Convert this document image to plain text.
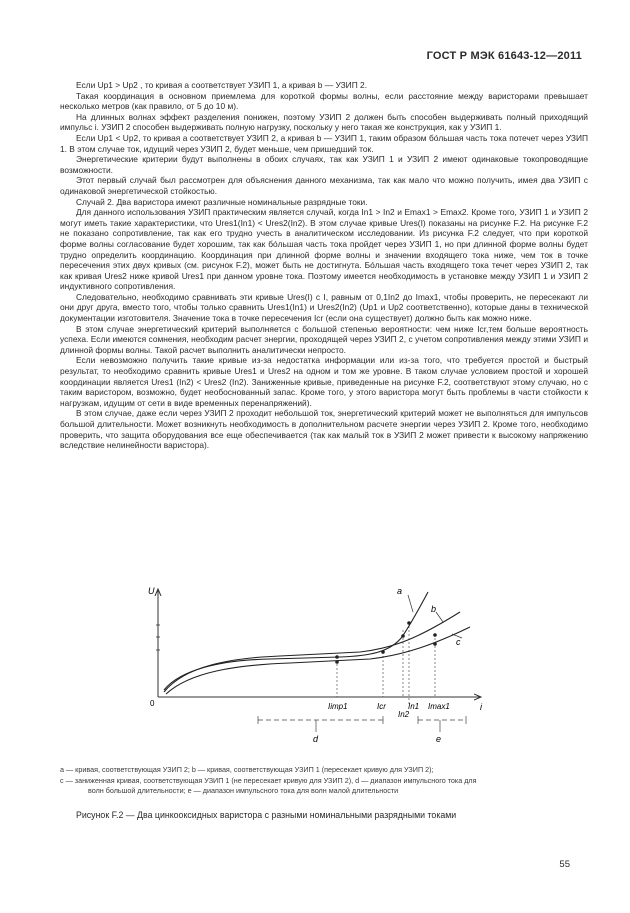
ГОСТ Р МЭК 61643-12—2011

Если Up1 > Up2 , то кривая а соответствует УЗИП 1, а кривая b — УЗИП 2.

Такая координация в основном приемлема для короткой формы волны, если расстояние между варисторами превышает несколько метров (как правило, от 5 до 10 м).

На длинных волнах эффект разделения понижен, поэтому УЗИП 2 должен быть способен выдерживать полный приходящий импульс i. УЗИП 2 способен выдерживать полную нагрузку, поскольку у него такая же конструкция, как у УЗИП 1.

Если Up1 < Up2, то кривая а соответствует УЗИП 2, а кривая b — УЗИП 1, таким образом бóльшая часть тока потечет через УЗИП 1. В этом случае ток, идущий через УЗИП 2, будет меньше, чем пришедший ток.

Энергетические критерии будут выполнены в обоих случаях, так как УЗИП 1 и УЗИП 2 имеют одинаковые токопроводящие возможности.

Этот первый случай был рассмотрен для объяснения данного механизма, так как мало что можно получить, имея два УЗИП с одинаковой энергетической стойкостью.

Случай 2. Два варистора имеют различные номинальные разрядные токи.

Для данного использования УЗИП практическим является случай, когда In1 > In2 и Emax1 > Emax2. Кроме того, УЗИП 1 и УЗИП 2 могут иметь такие характеристики, что Ures1(In1) < Ures2(In2). В этом случае кривые Ures(I) показаны на рисунке F.2. На рисунке F.2 не показано сопротивление, так как его трудно учесть в аналитическом исследовании. Из рисунка F.2 следует, что при короткой форме волны согласование будет хорошим, так как бóльшая часть тока пройдет через УЗИП 1, но при длинной форме волны будет трудно определить координацию. Координация при длинной форме волны и значении входящего тока ниже, чем ток в точке пересечения этих двух кривых (см. рисунок F.2), может быть не достигнута. Бóльшая часть входящего тока течет через УЗИП 2, так как кривая Ures2 ниже кривой Ures1 при данном уровне тока. Поэтому имеется необходимость в установке между УЗИП 1 и УЗИП 2 индуктивного сопротивления.

Следовательно, необходимо сравнивать эти кривые Ures(I) с I, равным от 0,1In2 до Imax1, чтобы проверить, не пересекают ли они друг друга, вместо того, чтобы только сравнить Ures1(In1) и Ures2(In2) (Up1 и Up2 соответственно), которые даны в технической документации изготовителя. Значение тока в точке пересечения Icr (если она существует) должно быть как можно ниже.

В этом случае энергетический критерий выполняется с большой степенью вероятности: чем ниже Icr,тем больше вероятность успеха. Если имеются сомнения, необходим расчет энергии, проходящей через УЗИП 2, с учетом сопротивления между этими УЗИП и длинной формы волны. Такой расчет выполнить аналитически непросто.

Если невозможно получить такие кривые из-за недостатка информации или из-за того, что требуется простой и быстрый результат, то необходимо сравнить кривые Ures1 и Ures2 на одном и том же уровне. В таком случае условием простой и хорошей координации является Ures1 (In2) < Ures2 (In2). Заниженные кривые, приведенные на рисунке F.2, соответствуют этому случаю, но с таким варистором, возможно, будет необоснованный запас. Кроме того, у этого варистора могут быть проблемы в части стойкости к нагрузкам, идущим от сети в виде временных перенапряжений).

В этом случае, даже если через УЗИП 2 проходит небольшой ток, энергетический критерий может не выполняться для импульсов большой длительности. Может возникнуть необходимость в дополнительном расчете энергии через УЗИП 2. Кроме того, необходимо проверить, что защита оборудования все еще обеспечивается (так как малый ток в УЗИП 2 может привести к высокому напряжению вследствие нелинейности варистора).

U
i
0
a
b
c
Iimp1	Icr	In1
In2
Imax1
d	e

a — кривая, соответствующая УЗИП 2; b — кривая, соответствующая УЗИП 1 (пересекает кривую для УЗИП 2);

c — заниженная кривая, соответствующая УЗИП 1 (не пересекает кривую для УЗИП 2), d — диапазон импульсного тока для

волн большой длительности; e — диапазон импульсного тока для волн малой длительности

Рисунок F.2 — Два цинкооксидных варистора с разными номинальными разрядными токами
55
